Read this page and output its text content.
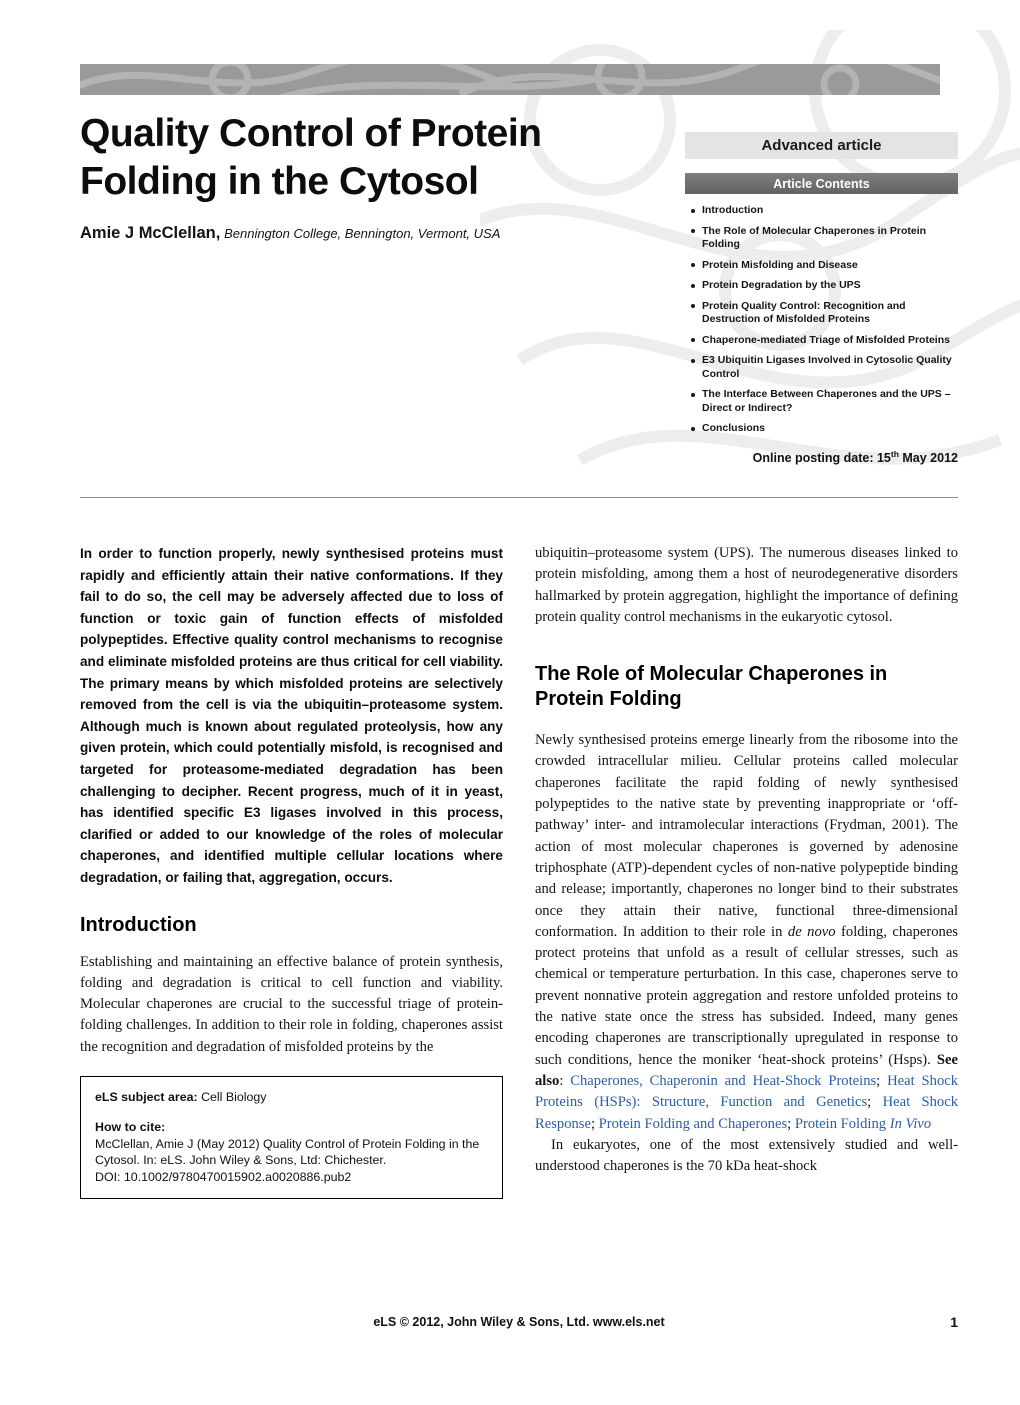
Quality Control of Protein
Folding in the Cytosol
Amie J McClellan, Bennington College, Bennington, Vermont, USA
Advanced article
Article Contents
Introduction
The Role of Molecular Chaperones in Protein Folding
Protein Misfolding and Disease
Protein Degradation by the UPS
Protein Quality Control: Recognition and Destruction of Misfolded Proteins
Chaperone-mediated Triage of Misfolded Proteins
E3 Ubiquitin Ligases Involved in Cytosolic Quality Control
The Interface Between Chaperones and the UPS – Direct or Indirect?
Conclusions
Online posting date: 15th May 2012

In order to function properly, newly synthesised proteins must rapidly and efficiently attain their native conformations. If they fail to do so, the cell may be adversely affected due to loss of function or toxic gain of function effects of misfolded polypeptides. Effective quality control mechanisms to recognise and eliminate misfolded proteins are thus critical for cell viability. The primary means by which misfolded proteins are selectively removed from the cell is via the ubiquitin–proteasome system. Although much is known about regulated proteolysis, how any given protein, which could potentially misfold, is recognised and targeted for proteasome-mediated degradation has been challenging to decipher. Recent progress, much of it in yeast, has identified specific E3 ligases involved in this process, clarified or added to our knowledge of the roles of molecular chaperones, and identified multiple cellular locations where degradation, or failing that, aggregation, occurs.

Introduction

Establishing and maintaining an effective balance of protein synthesis, folding and degradation is critical to cell function and viability. Molecular chaperones are crucial to the successful triage of protein-folding challenges. In addition to their role in folding, chaperones assist the recognition and degradation of misfolded proteins by the

eLS subject area: Cell Biology
How to cite:
McClellan, Amie J (May 2012) Quality Control of Protein Folding in the Cytosol. In: eLS. John Wiley & Sons, Ltd: Chichester.
DOI: 10.1002/9780470015902.a0020886.pub2

ubiquitin–proteasome system (UPS). The numerous diseases linked to protein misfolding, among them a host of neurodegenerative disorders hallmarked by protein aggregation, highlight the importance of defining protein quality control mechanisms in the eukaryotic cytosol.

The Role of Molecular Chaperones in Protein Folding

Newly synthesised proteins emerge linearly from the ribosome into the crowded intracellular milieu. Cellular proteins called molecular chaperones facilitate the rapid folding of newly synthesised polypeptides to the native state by preventing inappropriate or ‘off-pathway’ inter- and intramolecular interactions (Frydman, 2001). The action of most molecular chaperones is governed by adenosine triphosphate (ATP)-dependent cycles of non-native polypeptide binding and release; importantly, chaperones no longer bind to their substrates once they attain their native, functional three-dimensional conformation. In addition to their role in de novo folding, chaperones protect proteins that unfold as a result of cellular stresses, such as chemical or temperature perturbation. In this case, chaperones serve to prevent nonnative protein aggregation and restore unfolded proteins to the native state once the stress has subsided. Indeed, many genes encoding chaperones are transcriptionally upregulated in response to such conditions, hence the moniker ‘heat-shock proteins’ (Hsps). See also: Chaperones, Chaperonin and Heat-Shock Proteins; Heat Shock Proteins (HSPs): Structure, Function and Genetics; Heat Shock Response; Protein Folding and Chaperones; Protein Folding In Vivo

In eukaryotes, one of the most extensively studied and well-understood chaperones is the 70 kDa heat-shock

eLS © 2012, John Wiley & Sons, Ltd. www.els.net	1
